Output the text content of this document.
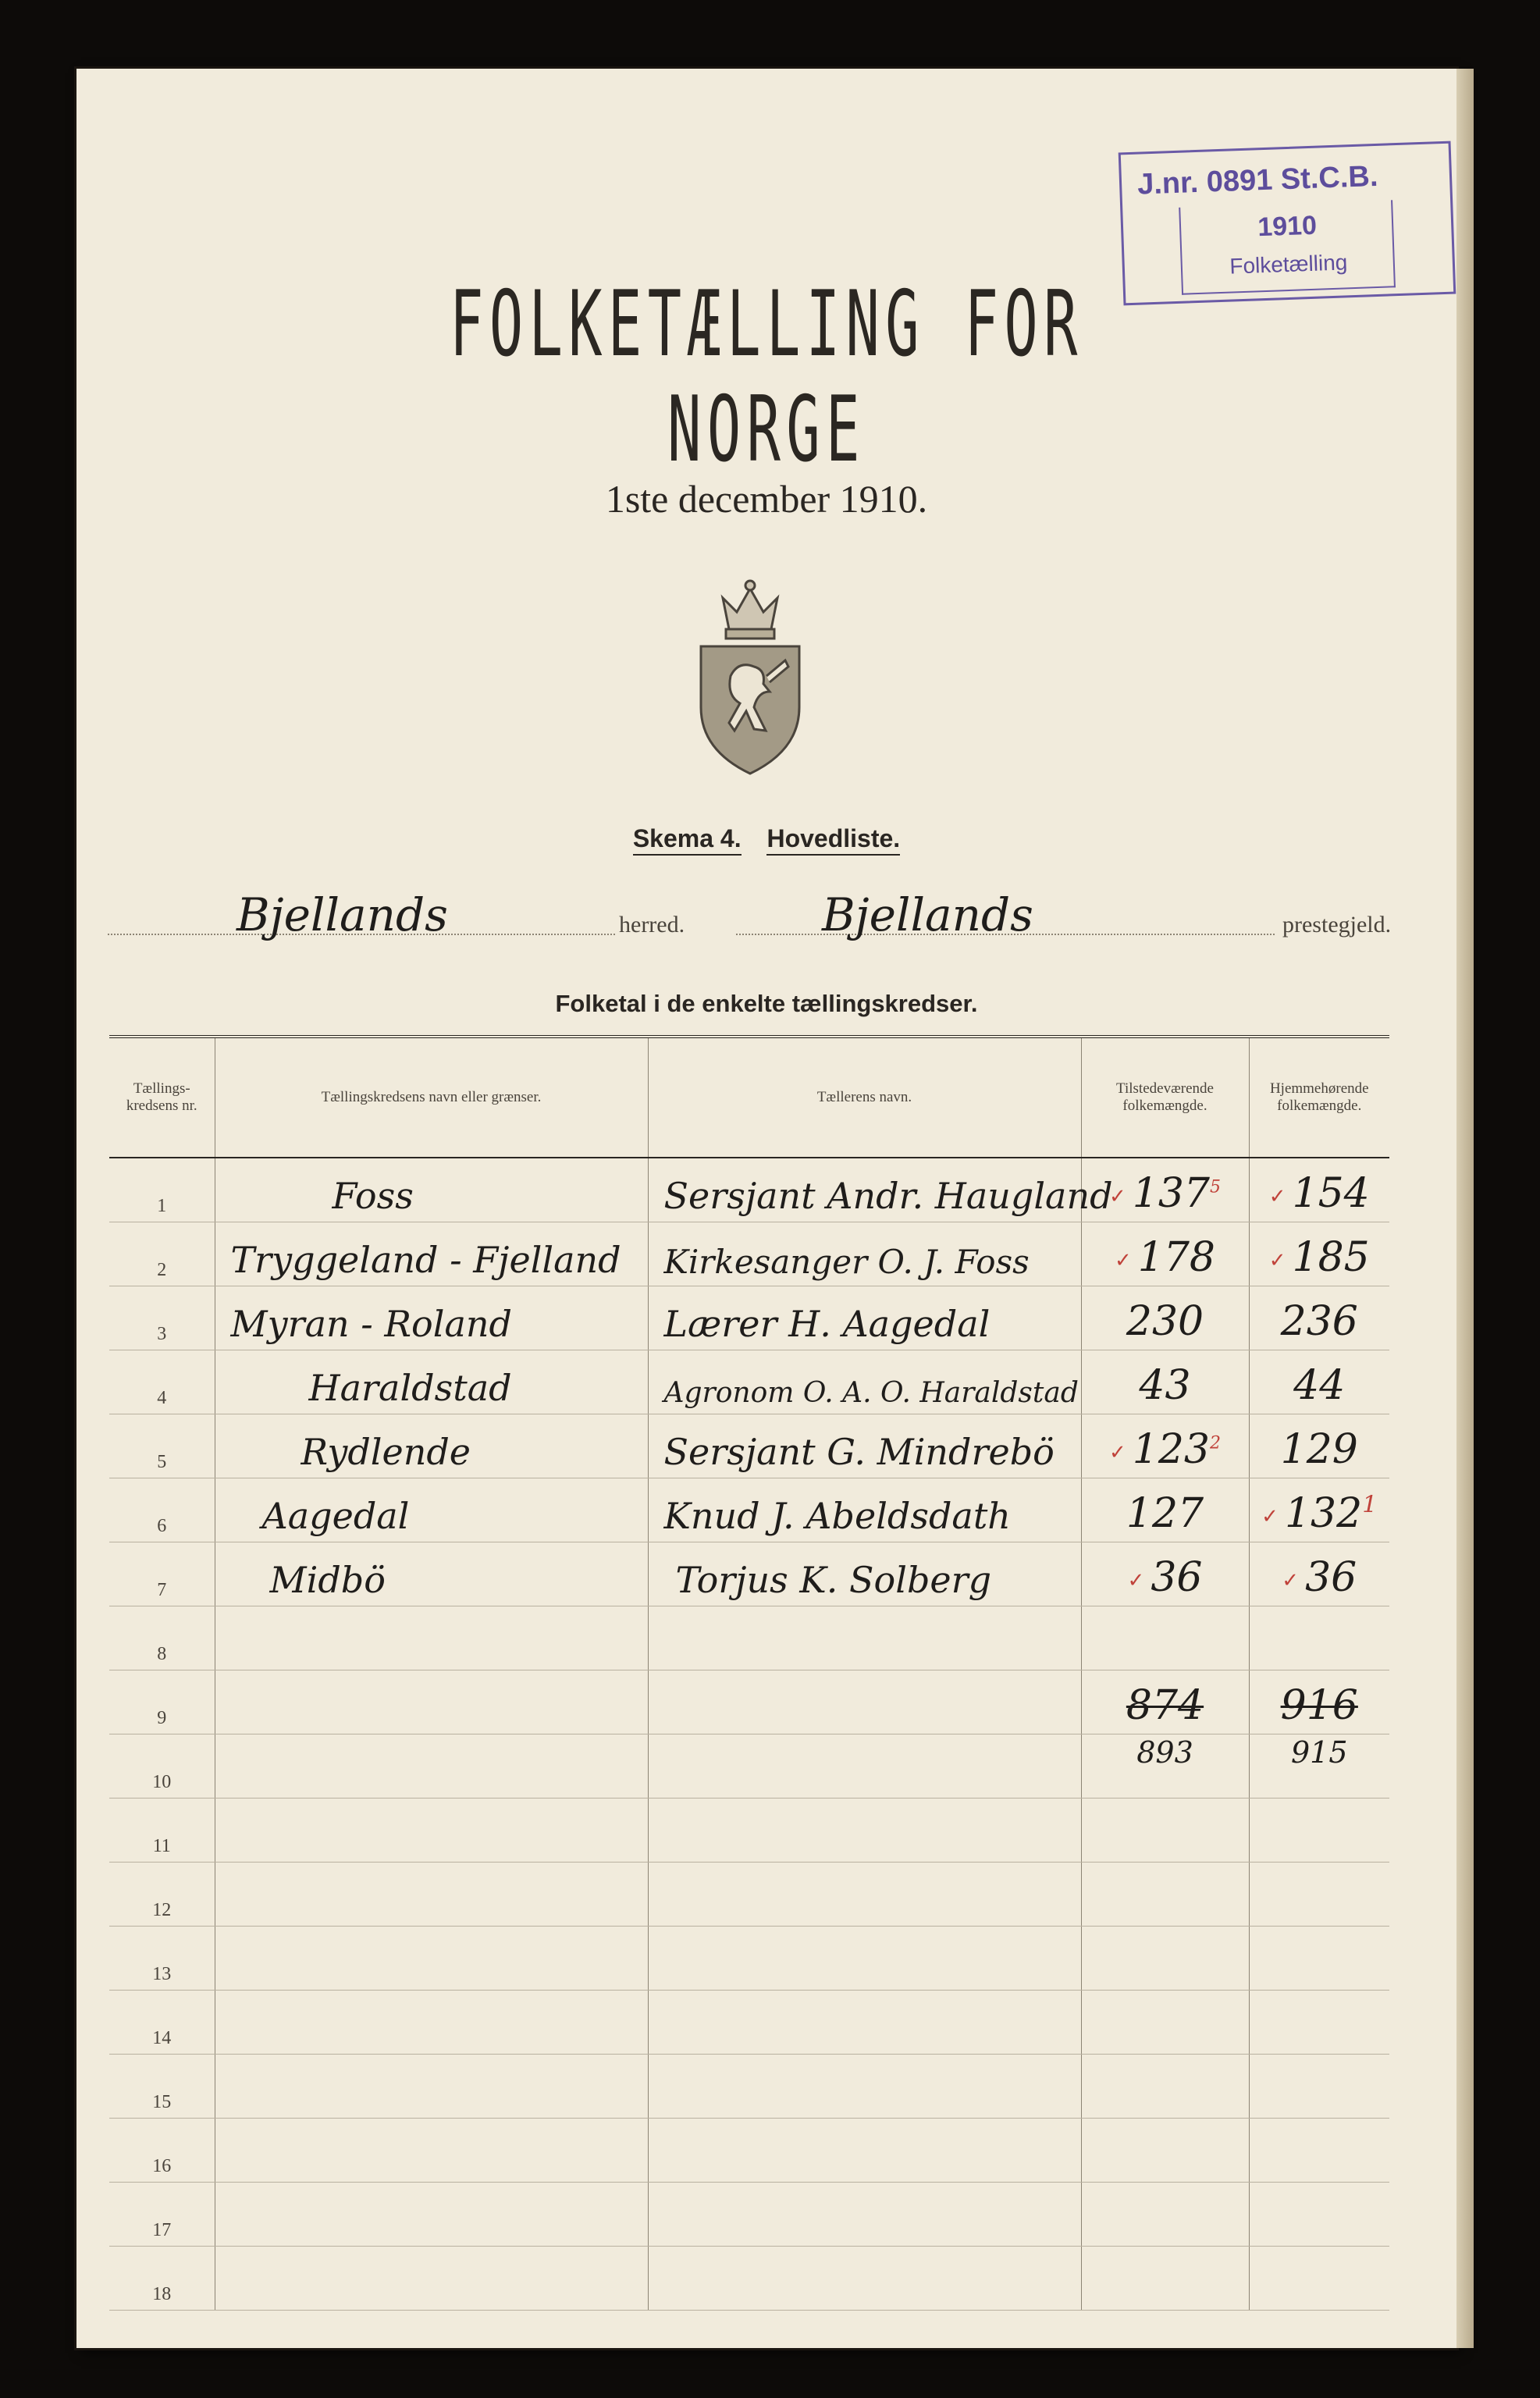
J.nr. 0891 St.C.B.
1910
Folketælling
FOLKETÆLLING FOR NORGE
1ste december 1910.
Skema 4. Hovedliste.
Bjellands	herred.	Bjellands	prestegjeld.
Folketal i de enkelte tællingskredser.
Tællings-kredsens nr.	Tællingskredsens navn eller grænser.	Tællerens navn.	Tilstedeværende folkemængde.	Hjemmehørende folkemængde.
1	Foss	Sersjant Andr. Haugland	✓ $137^5$	✓ 154
2	Tryggeland - Fjelland	Kirkesanger O. J. Foss	✓ 178	✓ 185
3	Myran - Roland	Lærer H. Aagedal	230	236
4	Haraldstad	Agronom O. A. O. Haraldstad	43	44
5	Rydlende	Sersjant G. Mindrebö	✓ $123^2$	129
6	Aagedal	Knud J. Abeldsdath	127	✓ $132^1$
7	Midbö	Torjus K. Solberg	✓ 36	✓ 36
8				
9			874	916
10			893	915
11				
12				
13				
14				
15				
16				
17				
18				
